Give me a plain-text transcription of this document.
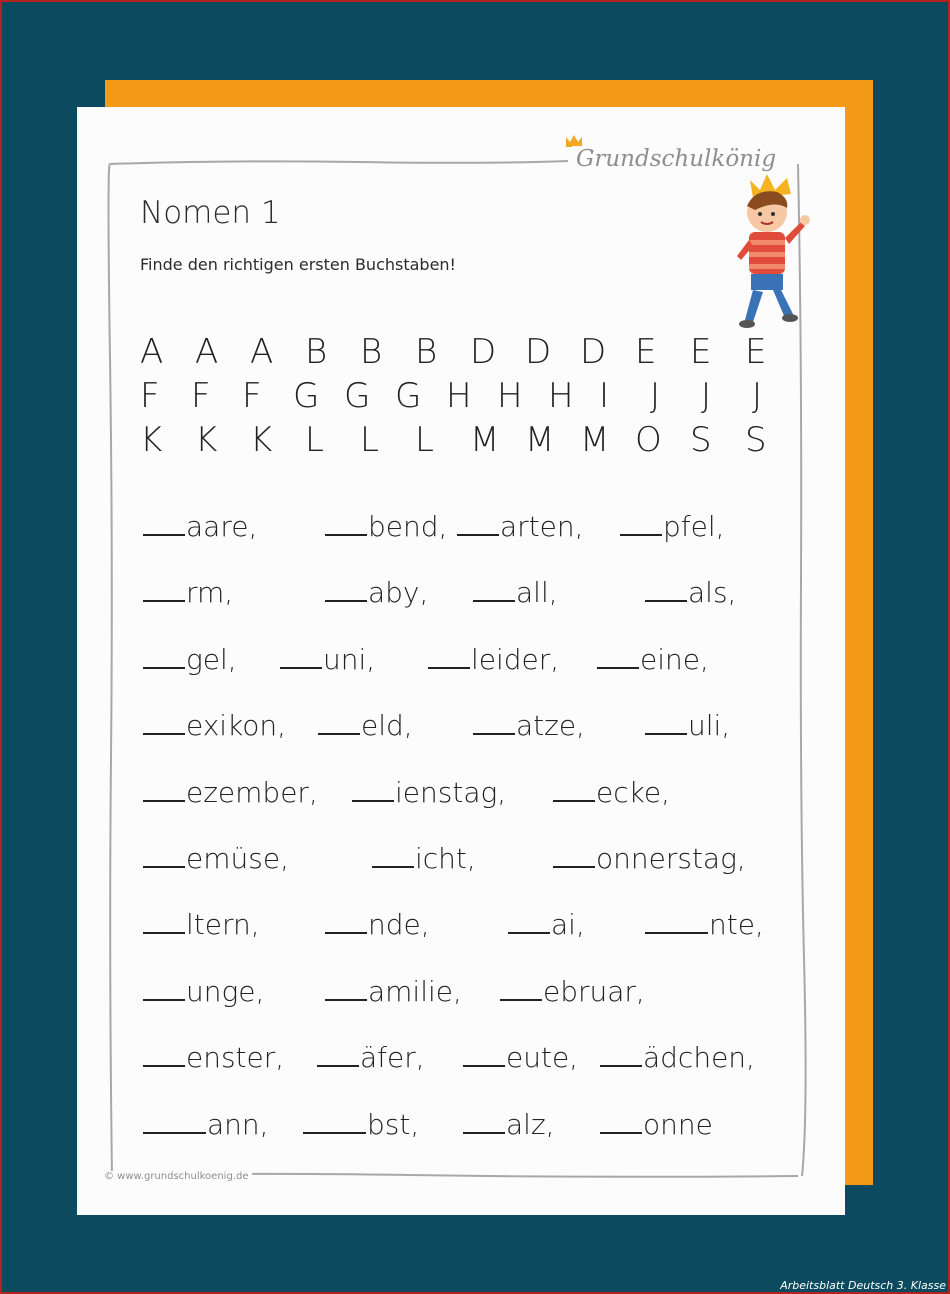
Grundschulkönig
Nomen 1
Finde den richtigen ersten Buchstaben!
A A A B B B D D D E E E
F F F G G G H H H I	J	J	J
K K K L	L	L	M M M O S S
aare,	bend,	arten,	pfel,
rm,	aby,	all,	als,
gel,	uni,	leider,	eine,
exikon,	eld,	atze,	uli,
ezember,	ienstag,	ecke,
emüse,	icht,	onnerstag,
ltern,	nde,	ai,	nte,
unge,	amilie,	ebruar,
enster,	äfer,	eute,	ädchen,
ann,	bst,	alz,	onne
© www.grundschulkoenig.de
Arbeitsblatt Deutsch 3. Klasse
